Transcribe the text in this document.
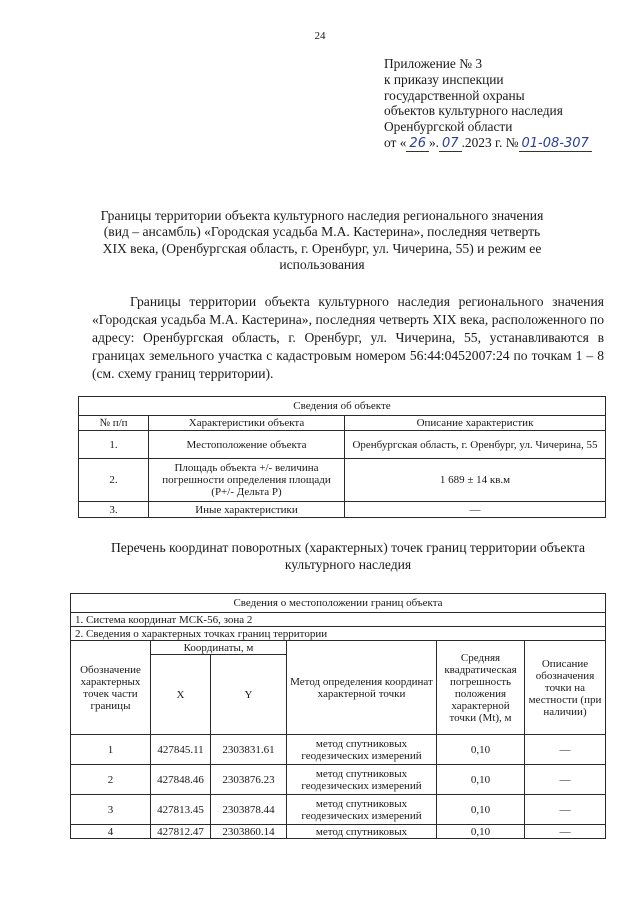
24
Приложение № 3
к приказу инспекции
государственной охраны
объектов культурного наследия
Оренбургской области
от « 26 ». 07 .2023 г. № 01-08-307
Границы территории объекта культурного наследия регионального значения (вид – ансамбль) «Городская усадьба М.А. Кастерина», последняя четверть XIX века, (Оренбургская область, г. Оренбург, ул. Чичерина, 55) и режим ее использования
Границы территории объекта культурного наследия регионального значения «Городская усадьба М.А. Кастерина», последняя четверть XIX века, расположенного по адресу: Оренбургская область, г. Оренбург, ул. Чичерина, 55, устанавливаются в границах земельного участка с кадастровым номером 56:44:0452007:24 по точкам 1 – 8 (см. схему границ территории).
Сведения об объекте		
№ п/п	Характеристики объекта	Описание характеристик
1.	Местоположение объекта	Оренбургская область, г. Оренбург, ул. Чичерина, 55
2.	Площадь объекта +/- величина погрешности определения площади (P+/- Дельта P)	1 689 ± 14 кв.м
3.	Иные характеристики	—
Перечень координат поворотных (характерных) точек границ территории объекта культурного наследия
Сведения о местоположении границ объекта					
1. Система координат МСК-56, зона 2					
2. Сведения о характерных точках границ территории					
Обозначение характерных точек части границы	Координаты, м		Метод определения координат характерной точки	Средняя квадратическая погрешность положения характерной точки (Mt), м	Описание обозначения точки на местности (при наличии)
	X	Y			
1	427845.11	2303831.61	метод спутниковых геодезических измерений	0,10	—
2	427848.46	2303876.23	метод спутниковых геодезических измерений	0,10	—
3	427813.45	2303878.44	метод спутниковых геодезических измерений	0,10	—
4	427812.47	2303860.14	метод спутниковых	0,10	—
